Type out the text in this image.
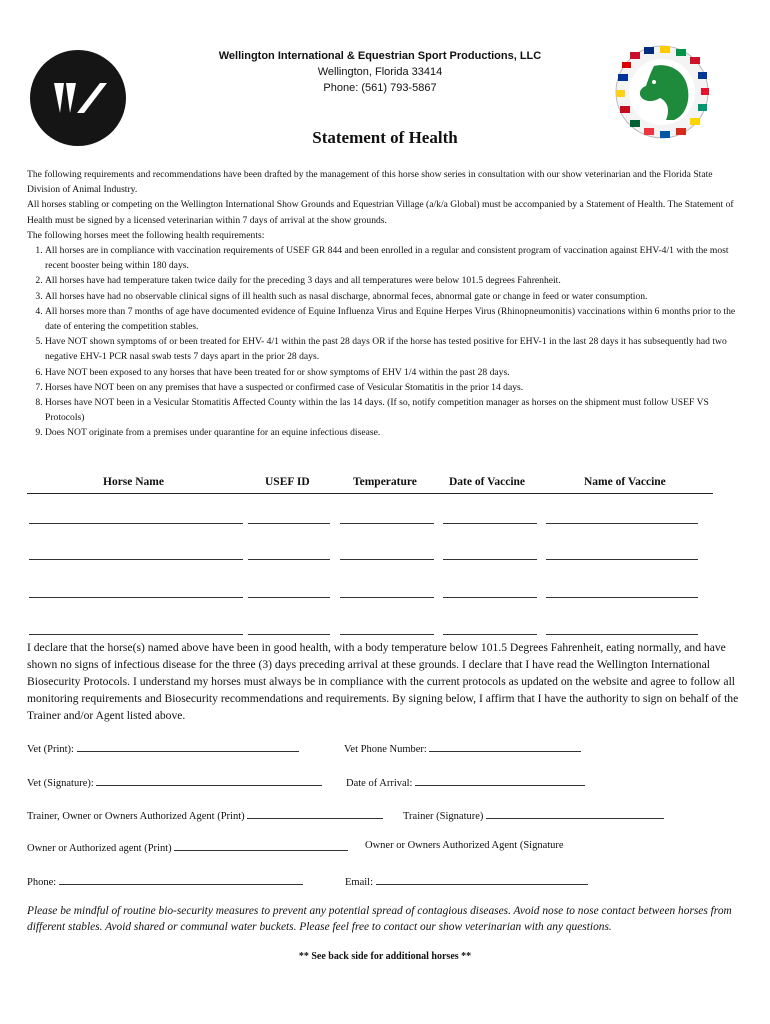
Wellington International & Equestrian Sport Productions, LLC
Wellington, Florida 33414
Phone: (561) 793-5867
Statement of Health

The following requirements and recommendations have been drafted by the management of this horse show series in consultation with our show veterinarian and the Florida State Division of Animal Industry.

All horses stabling or competing on the Wellington International Show Grounds and Equestrian Village (a/k/a Global) must be accompanied by a Statement of Health. The Statement of Health must be signed by a licensed veterinarian within 7 days of arrival at the show grounds.

The following horses meet the following health requirements:

1. All horses are in compliance with vaccination requirements of USEF GR 844 and been enrolled in a regular and consistent program of vaccination against EHV-4/1 with the most recent booster being within 180 days.
2. All horses have had temperature taken twice daily for the preceding 3 days and all temperatures were below 101.5 degrees Fahrenheit.
3. All horses have had no observable clinical signs of ill health such as nasal discharge, abnormal feces, abnormal gate or change in feed or water consumption.
4. All horses more than 7 months of age have documented evidence of Equine Influenza Virus and Equine Herpes Virus (Rhinopneumonitis) vaccinations within 6 months prior to the date of entering the competition stables.
5. Have NOT shown symptoms of or been treated for EHV- 4/1 within the past 28 days OR if the horse has tested positive for EHV-1 in the last 28 days it has subsequently had two negative EHV-1 PCR nasal swab tests 7 days apart in the prior 28 days.
6. Have NOT been exposed to any horses that have been treated for or show symptoms of EHV 1/4 within the past 28 days.
7. Horses have NOT been on any premises that have a suspected or confirmed case of Vesicular Stomatitis in the prior 14 days.
8. Horses have NOT been in a Vesicular Stomatitis Affected County within the las 14 days. (If so, notify competition manager as horses on the shipment must follow USEF VS Protocols)
9. Does NOT originate from a premises under quarantine for an equine infectious disease.
Horse Name	USEF ID	Temperature	Date of Vaccine	Name of Vaccine
I declare that the horse(s) named above have been in good health, with a body temperature below 101.5 Degrees Fahrenheit, eating normally, and have shown no signs of infectious disease for the three (3) days preceding arrival at these grounds. I declare that I have read the Wellington International Biosecurity Protocols. I understand my horses must always be in compliance with the current protocols as updated on the website and agree to follow all monitoring requirements and Biosecurity recommendations and requirements. By signing below, I affirm that I have the authority to sign on behalf of the Trainer and/or Agent listed above.
Vet (Print):	Vet Phone Number:
Vet (Signature):	Date of Arrival:
Trainer, Owner or Owners Authorized Agent (Print)	Trainer (Signature)
Owner or Authorized agent (Print)	Owner or Owners Authorized Agent (Signature
Phone:	Email:
Please be mindful of routine bio-security measures to prevent any potential spread of contagious diseases. Avoid nose to nose contact between horses from different stables. Avoid shared or communal water buckets. Please feel free to contact our show veterinarian with any questions.
** See back side for additional horses **
